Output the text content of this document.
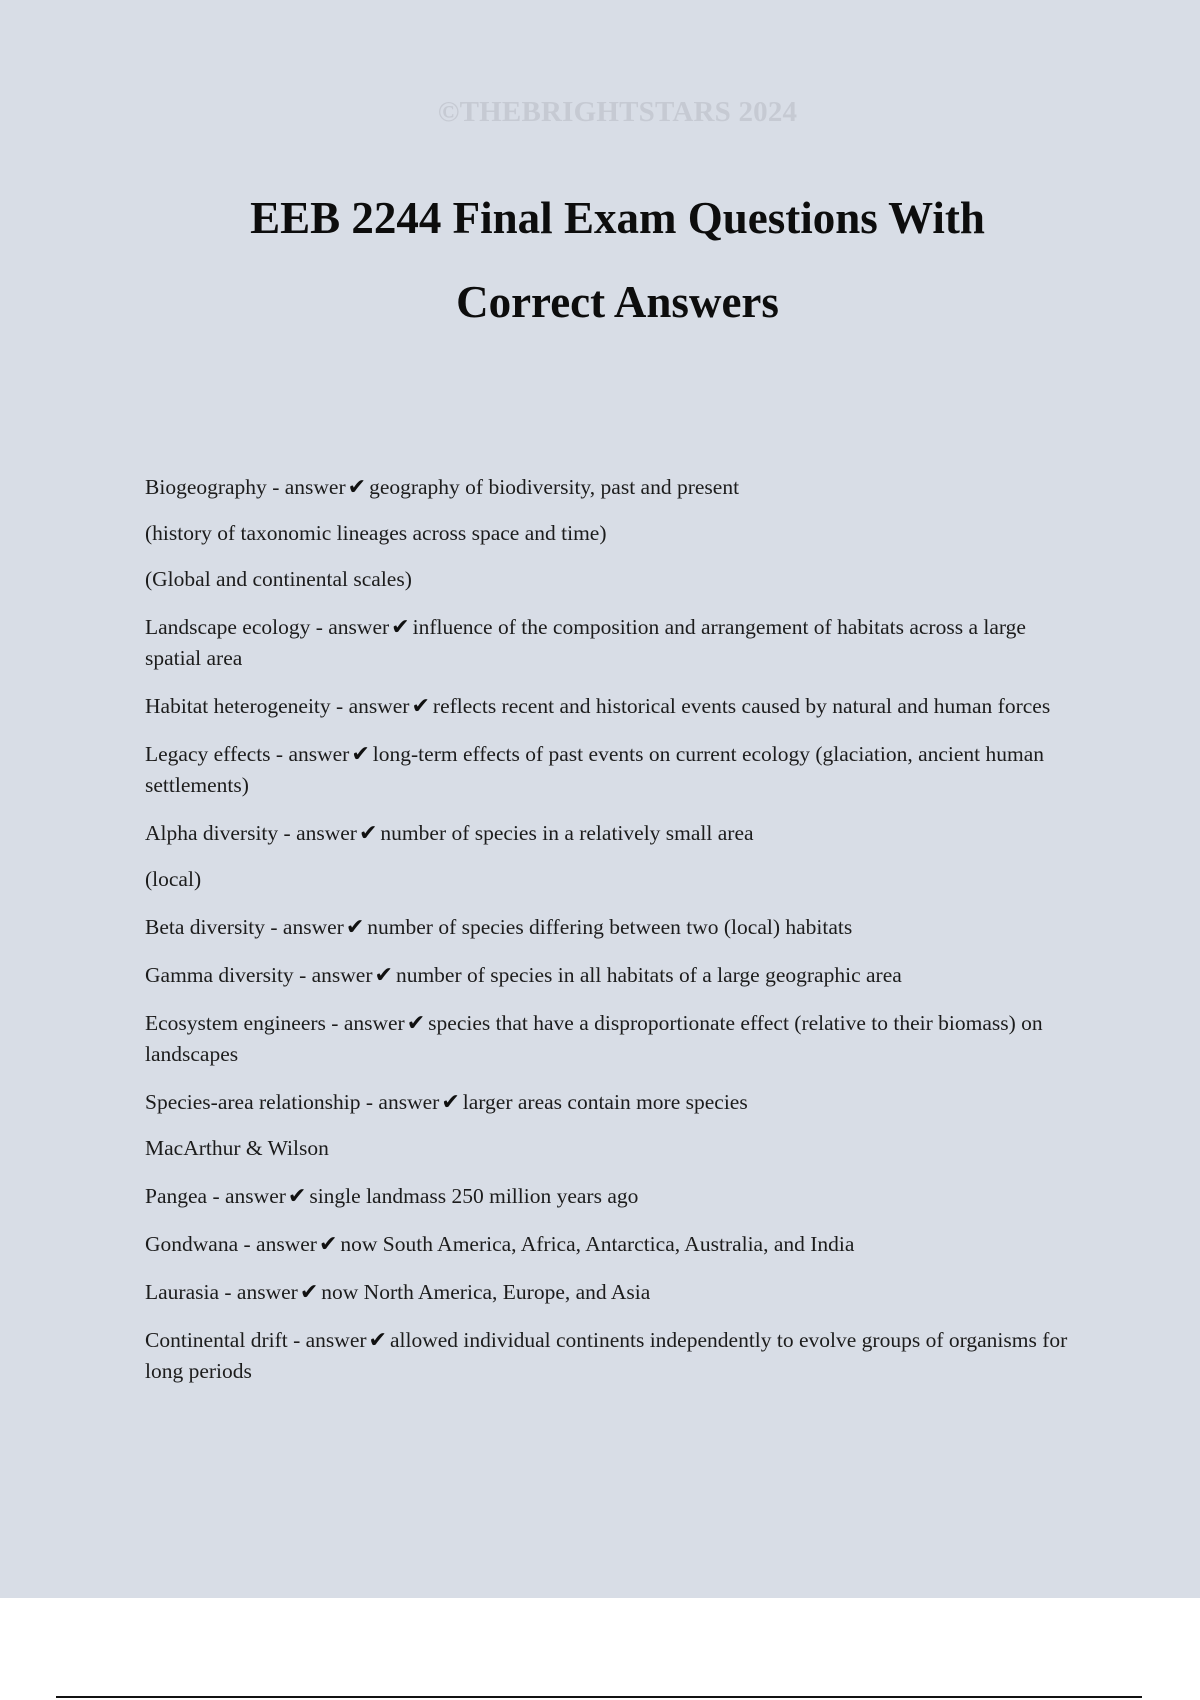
©THEBRIGHTSTARS 2024
EEB 2244 Final Exam Questions With
Correct Answers
Biogeography - answer✔ geography of biodiversity, past and present
(history of taxonomic lineages across space and time)
(Global and continental scales)
Landscape ecology - answer✔ influence of the composition and arrangement of habitats across a large spatial area
Habitat heterogeneity - answer✔ reflects recent and historical events caused by natural and human forces
Legacy effects - answer✔ long-term effects of past events on current ecology (glaciation, ancient human settlements)
Alpha diversity - answer✔ number of species in a relatively small area
(local)
Beta diversity - answer✔ number of species differing between two (local) habitats
Gamma diversity - answer✔ number of species in all habitats of a large geographic area
Ecosystem engineers - answer✔ species that have a disproportionate effect (relative to their biomass) on landscapes
Species-area relationship - answer✔ larger areas contain more species
MacArthur & Wilson
Pangea - answer✔ single landmass 250 million years ago
Gondwana - answer✔ now South America, Africa, Antarctica, Australia, and India
Laurasia - answer✔ now North America, Europe, and Asia
Continental drift - answer✔ allowed individual continents independently to evolve groups of organisms for long periods
